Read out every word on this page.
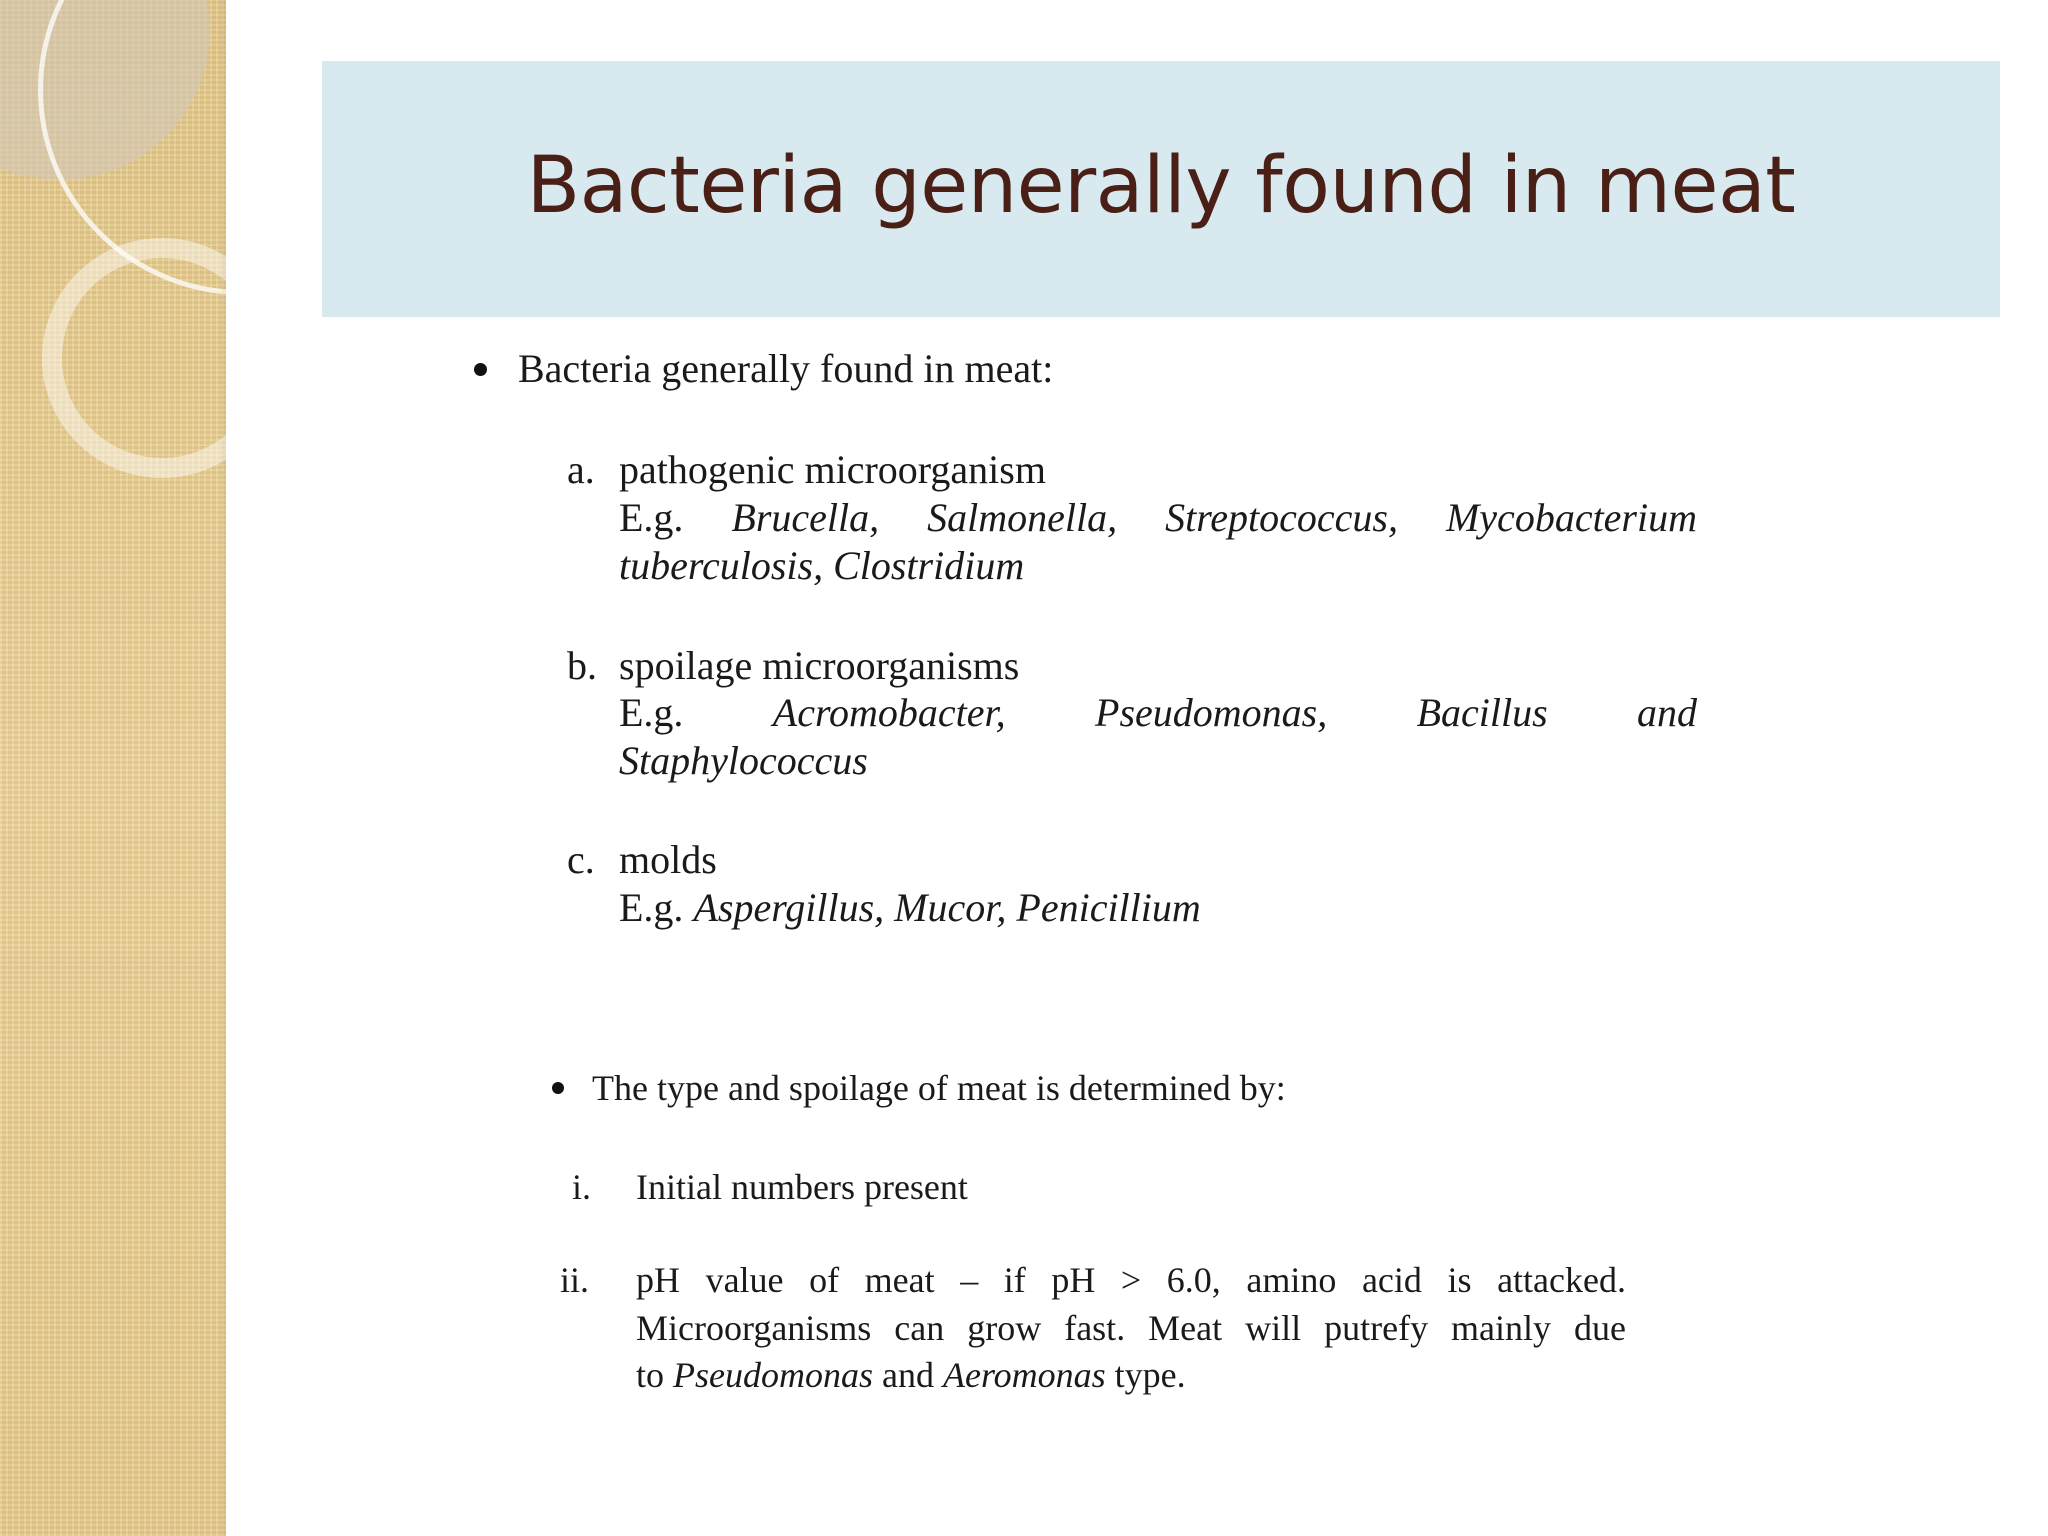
Bacteria generally found in meat
Bacteria generally found in meat:
a. pathogenic microorganism
E.g. Brucella, Salmonella, Streptococcus, Mycobacterium
tuberculosis, Clostridium
b. spoilage microorganisms
E.g. Acromobacter, Pseudomonas, Bacillus and
Staphylococcus
c. molds
E.g. Aspergillus, Mucor, Penicillium
The type and spoilage of meat is determined by:
i. Initial numbers present
ii. pH value of meat – if pH > 6.0, amino acid is attacked.
Microorganisms can grow fast. Meat will putrefy mainly due
to Pseudomonas and Aeromonas type.
